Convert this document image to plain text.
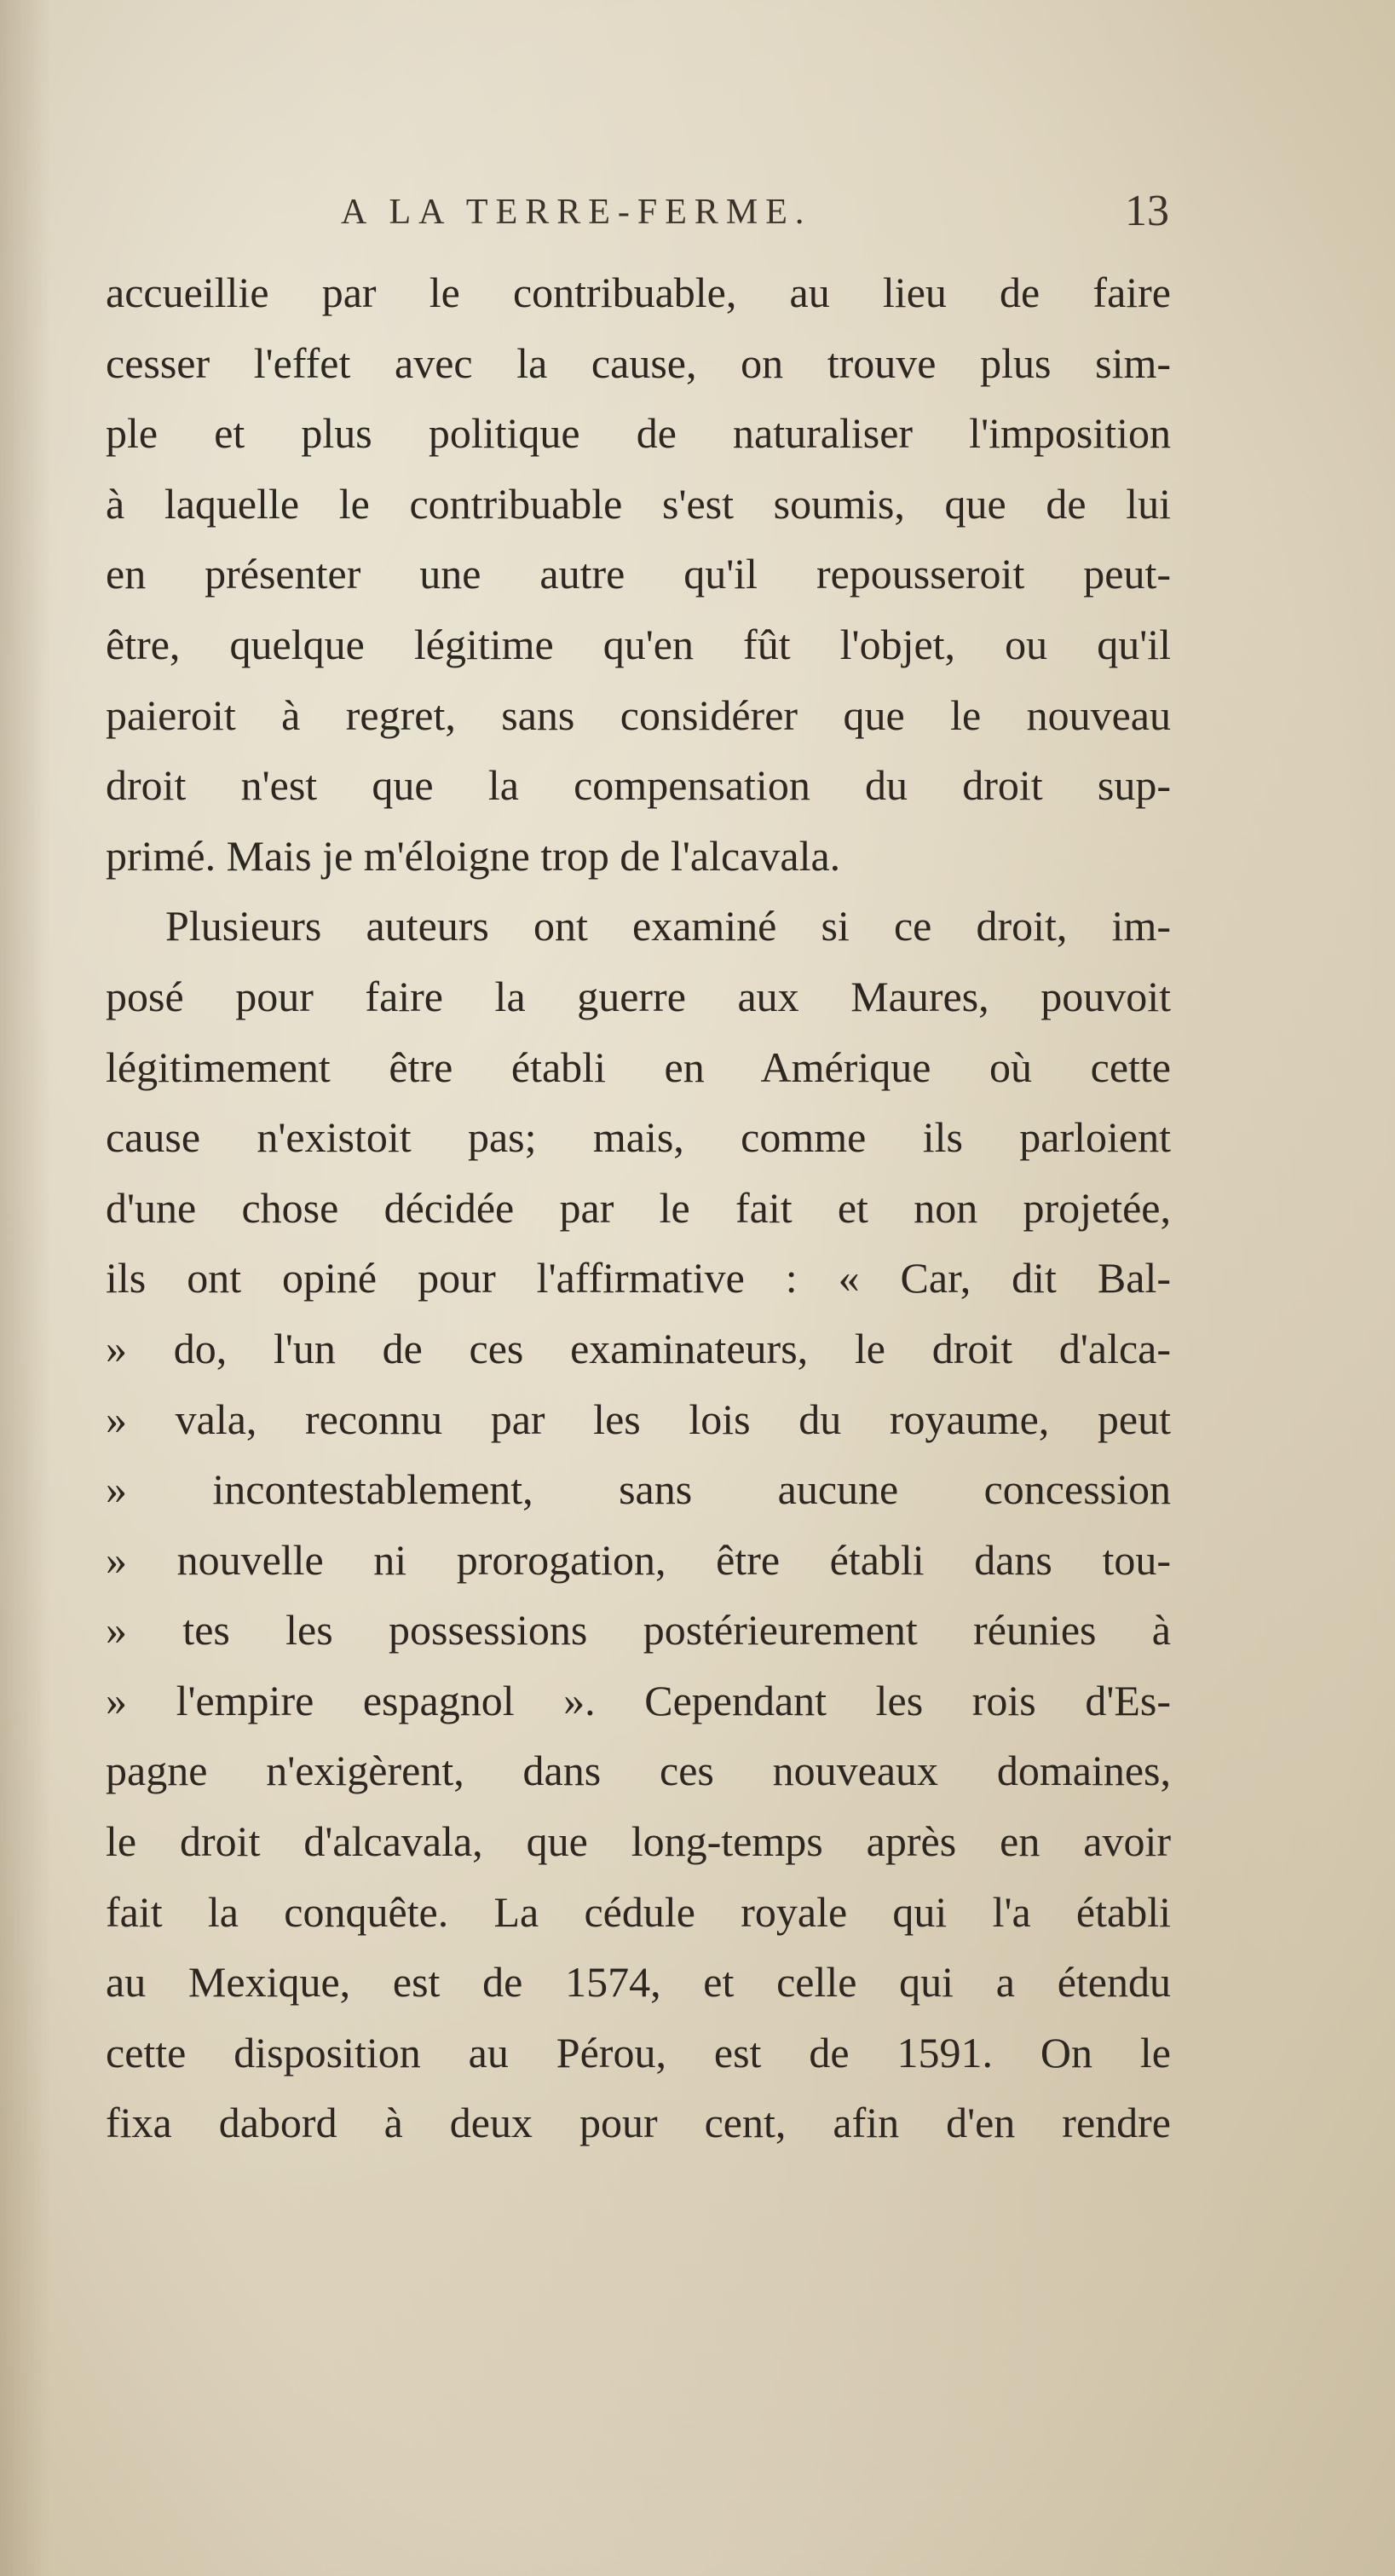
A LA TERRE-FERME.	13
accueillie par le contribuable, au lieu de faire
cesser l'effet avec la cause, on trouve plus sim-
ple et plus politique de naturaliser l'imposition
à laquelle le contribuable s'est soumis, que de lui
en présenter une autre qu'il repousseroit peut-
être, quelque légitime qu'en fût l'objet, ou qu'il
paieroit à regret, sans considérer que le nouveau
droit n'est que la compensation du droit sup-
primé. Mais je m'éloigne trop de l'alcavala.
Plusieurs auteurs ont examiné si ce droit, im-
posé pour faire la guerre aux Maures, pouvoit
légitimement être établi en Amérique où cette
cause n'existoit pas; mais, comme ils parloient
d'une chose décidée par le fait et non projetée,
ils ont opiné pour l'affirmative : « Car, dit Bal-
» do, l'un de ces examinateurs, le droit d'alca-
» vala, reconnu par les lois du royaume, peut
» incontestablement, sans aucune concession
» nouvelle ni prorogation, être établi dans tou-
» tes les possessions postérieurement réunies à
» l'empire espagnol ». Cependant les rois d'Es-
pagne n'exigèrent, dans ces nouveaux domaines,
le droit d'alcavala, que long-temps après en avoir
fait la conquête. La cédule royale qui l'a établi
au Mexique, est de 1574, et celle qui a étendu
cette disposition au Pérou, est de 1591. On le
fixa dabord à deux pour cent, afin d'en rendre
